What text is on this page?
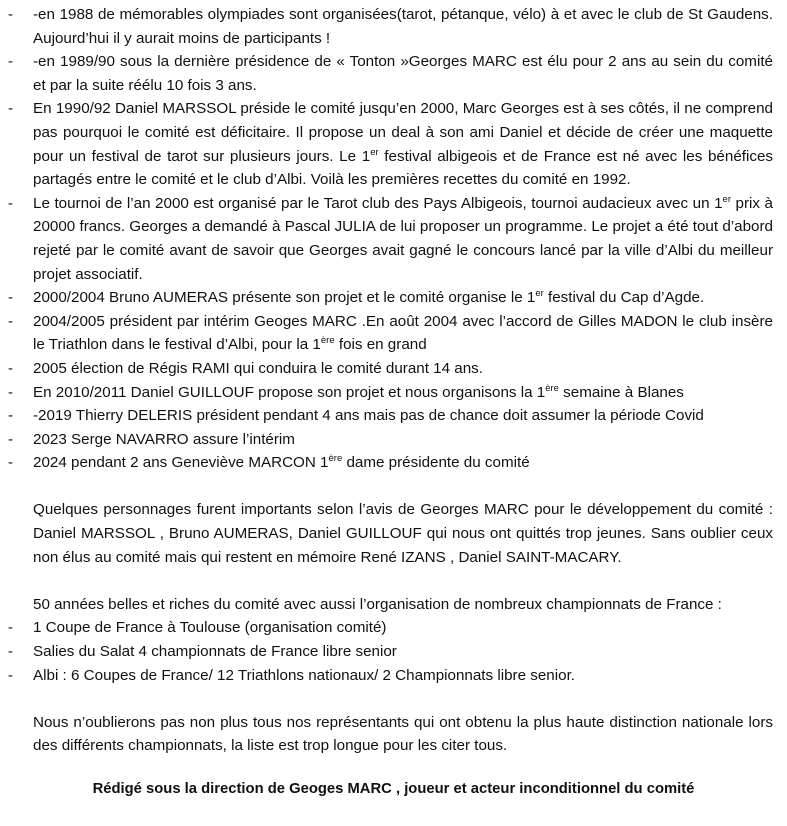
- -en 1988 de mémorables olympiades sont organisées(tarot, pétanque, vélo) à et avec le club de St Gaudens. Aujourd’hui il y aurait moins de participants !
- -en 1989/90 sous la dernière présidence de « Tonton »Georges MARC est élu pour 2 ans au sein du comité et par la suite réélu 10 fois 3 ans.
- En 1990/92 Daniel MARSSOL préside le comité jusqu’en 2000, Marc Georges est à ses côtés, il ne comprend pas pourquoi le comité est déficitaire. Il propose un deal à son ami Daniel et décide de créer une maquette pour un festival de tarot sur plusieurs jours. Le 1er festival albigeois et de France est né avec les bénéfices partagés entre le comité et le club d’Albi. Voilà les premières recettes du comité en 1992.
- Le tournoi de l’an 2000 est organisé par le Tarot club des Pays Albigeois, tournoi audacieux avec un 1er prix à 20000 francs. Georges a demandé à Pascal JULIA de lui proposer un programme. Le projet a été tout d’abord rejeté par le comité avant de savoir que Georges avait gagné le concours lancé par la ville d’Albi du meilleur projet associatif.
- 2000/2004 Bruno AUMERAS présente son projet et le comité organise le 1er festival du Cap d’Agde.
- 2004/2005 président par intérim Geoges MARC .En août 2004 avec l’accord de Gilles MADON le club insère le Triathlon dans le festival d’Albi, pour la 1ère fois en grand
- 2005 élection de Régis RAMI qui conduira le comité durant 14 ans.
- En 2010/2011 Daniel GUILLOUF propose son projet et nous organisons la 1ère semaine à Blanes
- -2019 Thierry DELERIS président pendant 4 ans mais pas de chance doit assumer la période Covid
- 2023 Serge NAVARRO assure l’intérim
- 2024 pendant 2 ans Geneviève MARCON 1ère dame présidente du comité
Quelques personnages furent importants selon l’avis de Georges MARC pour le développement du comité : Daniel MARSSOL , Bruno AUMERAS, Daniel GUILLOUF qui nous ont quittés trop jeunes. Sans oublier ceux non élus au comité mais qui restent en mémoire René IZANS , Daniel SAINT-MACARY.
50 années belles et riches du comité avec aussi l’organisation de nombreux championnats de France :
- 1 Coupe de France à Toulouse (organisation comité)
- Salies du Salat 4 championnats de France libre senior
- Albi : 6 Coupes de France/ 12 Triathlons nationaux/ 2 Championnats libre senior.
Nous n’oublierons pas non plus tous nos représentants qui ont obtenu la plus haute distinction nationale lors des différents championnats, la liste est trop longue pour les citer tous.
Rédigé sous la direction de Geoges MARC , joueur et acteur inconditionnel du comité
